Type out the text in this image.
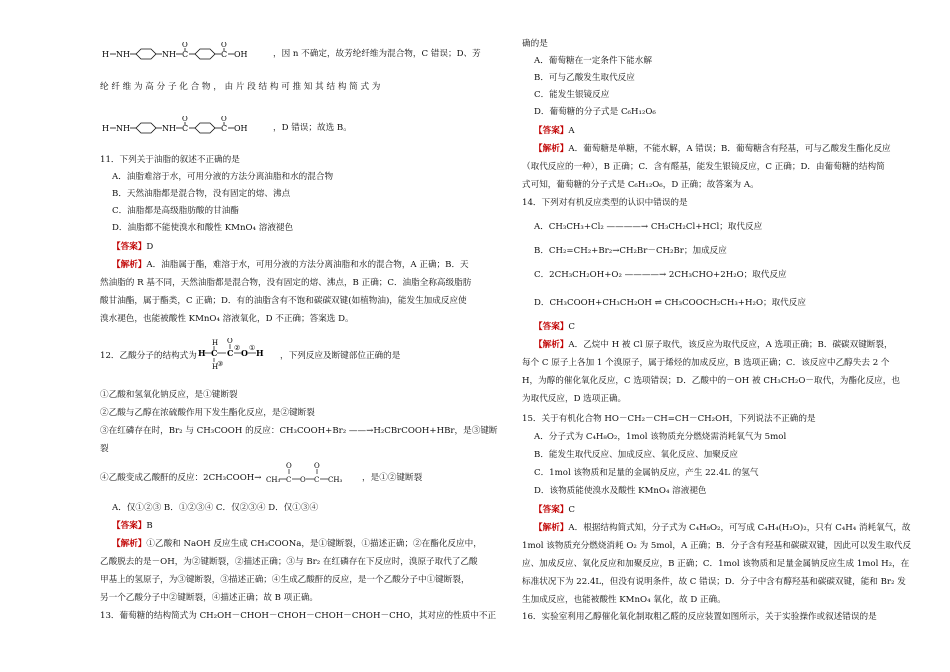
H NH	NH C
O
C
O
OH	，因 n 不确定，故芳纶纤维为混合物，C 错误；D、芳
纶 纤 维 为 高 分 子 化 合 物 ， 由 片 段 结 构 可 推 知 其 结 构 简 式 为
H NH	NH C
O
C
O
OH	，D 错误；故选 B。
11．下列关于油脂的叙述不正确的是
A．油脂难溶于水，可用分液的方法分离油脂和水的混合物
B．天然油脂都是混合物，没有固定的熔、沸点
C．油脂都是高级脂肪酸的甘油酯
D．油脂都不能使溴水和酸性 KMnO₄ 溶液褪色
【答案】D
【解析】A．油脂属于酯，难溶于水，可用分液的方法分离油脂和水的混合物，A 正确；B．天
然油脂的 R 基不同，天然油脂都是混合物，没有固定的熔、沸点，B 正确；C．油脂全称高级脂肪
酸甘油酯，属于酯类，C 正确；D．有的油脂含有不饱和碳碳双键(如植物油)，能发生加成反应使
溴水褪色，也能被酸性 KMnO₄ 溶液氧化，D 不正确；答案选 D。
12．乙酸分子的结构式为
H
H C C
O
O H
H
③
② ①
，下列反应及断键部位正确的是
①乙酸和氢氧化钠反应，是①键断裂
②乙酸与乙醇在浓硫酸作用下发生酯化反应，是②键断裂
③在红磷存在时，Br₂ 与 CH₃COOH 的反应：CH₃COOH+Br₂ ——→H₂CBrCOOH+HBr，是③键断
裂
④乙酸变成乙酸酐的反应：2CH₃COOH→ CH₃ C
O
O C
O
CH₃ ，是①②键断裂
A．仅①②③ B．①②③④ C．仅②③④ D．仅①③④
【答案】B
【解析】①乙酸和 NaOH 反应生成 CH₃COONa，是①键断裂，①描述正确；②在酯化反应中，
乙酸脱去的是－OH，为②键断裂，②描述正确；③与 Br₂ 在红磷存在下反应时，溴原子取代了乙酸
甲基上的氢原子，为③键断裂，③描述正确；④生成乙酸酐的反应，是一个乙酸分子中①键断裂，
另一个乙酸分子中②键断裂，④描述正确；故 B 项正确。
13．葡萄糖的结构简式为 CH₂OH－CHOH－CHOH－CHOH－CHOH－CHO，其对应的性质中不正
确的是
A．葡萄糖在一定条件下能水解
B．可与乙酸发生取代反应
C．能发生银镜反应
D．葡萄糖的分子式是 C₆H₁₂O₆
【答案】A
【解析】A．葡萄糖是单糖，不能水解，A 错误；B．葡萄糖含有羟基，可与乙酸发生酯化反应
（取代反应的一种），B 正确；C．含有醛基，能发生银镜反应，C 正确；D．由葡萄糖的结构简
式可知，葡萄糖的分子式是 C₆H₁₂O₆，D 正确；故答案为 A。
14．下列对有机反应类型的认识中错误的是
A．CH₃CH₃+Cl₂ ————→ CH₃CH₂Cl+HCl；取代反应
B．CH₂=CH₂+Br₂→CH₂Br－CH₂Br；加成反应
C．2CH₃CH₂OH+O₂ ————→ 2CH₃CHO+2H₂O；取代反应
D．CH₃COOH+CH₃CH₂OH ⇌ CH₃COOCH₂CH₃+H₂O；取代反应
【答案】C
【解析】A．乙烷中 H 被 Cl 原子取代，该反应为取代反应，A 选项正确；B．碳碳双键断裂，
每个 C 原子上各加 1 个溴原子，属于烯烃的加成反应，B 选项正确；C．该反应中乙醇失去 2 个
H，为醇的催化氧化反应，C 选项错误；D．乙酸中的－OH 被 CH₃CH₂O－取代，为酯化反应，也
为取代反应，D 选项正确。
15．关于有机化合物 HO－CH₂－CH=CH－CH₂OH，下列说法不正确的是
A．分子式为 C₄H₈O₂，1mol 该物质充分燃烧需消耗氧气为 5mol
B．能发生取代反应、加成反应、氧化反应、加聚反应
C．1mol 该物质和足量的金属钠反应，产生 22.4L 的氢气
D．该物质能使溴水及酸性 KMnO₄ 溶液褪色
【答案】C
【解析】A．根据结构简式知，分子式为 C₄H₈O₂，可写成 C₄H₄(H₂O)₂，只有 C₄H₄ 消耗氧气，故
1mol 该物质充分燃烧消耗 O₂ 为 5mol，A 正确；B．分子含有羟基和碳碳双键，因此可以发生取代反
应、加成反应、氧化反应和加聚反应，B 正确；C．1mol 该物质和足量金属钠反应生成 1mol H₂，在
标准状况下为 22.4L，但没有说明条件，故 C 错误；D．分子中含有醇羟基和碳碳双键，能和 Br₂ 发
生加成反应，也能被酸性 KMnO₄ 氧化，故 D 正确。
16．实验室利用乙醇催化氧化制取粗乙醛的反应装置如图所示，关于实验操作或叙述错误的是
